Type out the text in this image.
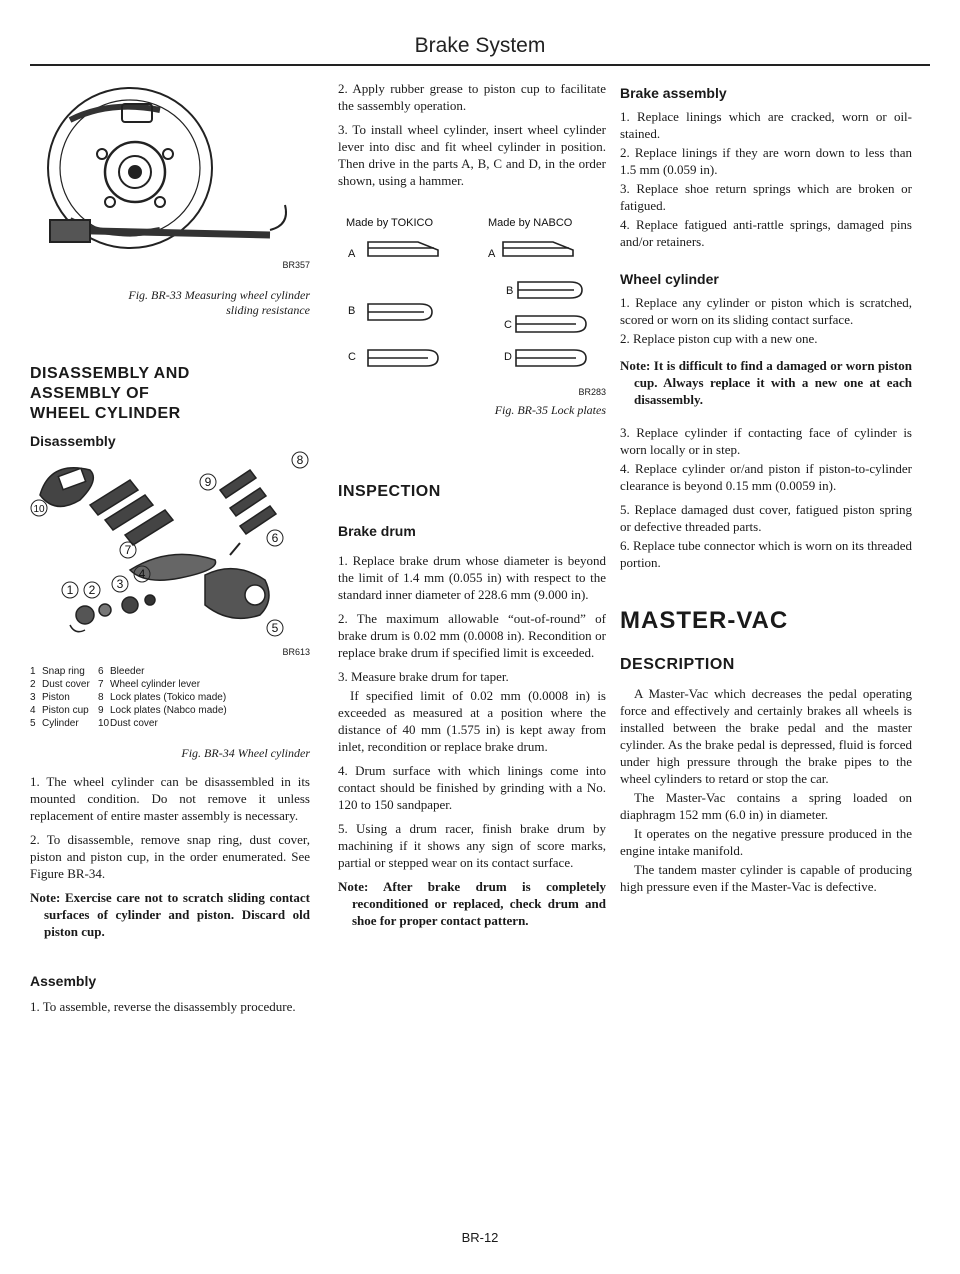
Brake System
BR357
Fig. BR-33 Measuring wheel cylinder
sliding resistance
DISASSEMBLY AND
ASSEMBLY OF
WHEEL CYLINDER
Disassembly
8
9
10
6
7
1 2 3
4
5
BR613
1 Snap ring	6 Bleeder
2 Dust cover 7 Wheel cylinder lever
3 Piston	8 Lock plates (Tokico made)
4 Piston cup 9 Lock plates (Nabco made)
5 Cylinder	10 Dust cover
Fig. BR-34 Wheel cylinder

1. The wheel cylinder can be disassembled in its mounted condition. Do not remove it unless replacement of entire master assembly is necessary.

2. To disassemble, remove snap ring, dust cover, piston and piston cup, in the order enumerated. See Figure BR-34.

Note: Exercise care not to scratch sliding contact surfaces of cylinder and piston. Discard old piston cup.

Assembly

1. To assemble, reverse the disassembly procedure.

2. Apply rubber grease to piston cup to facilitate the sassembly operation.

3. To install wheel cylinder, insert wheel cylinder lever into disc and fit wheel cylinder in position. Then drive in the parts A, B, C and D, in the order shown, using a hammer.

Made by TOKICO	Made by NABCO
A
B
C
A
B
C
D
BR283
Fig. BR-35 Lock plates
INSPECTION
Brake drum

1. Replace brake drum whose diameter is beyond the limit of 1.4 mm (0.055 in) with respect to the standard inner diameter of 228.6 mm (9.000 in).

2. The maximum allowable “out-of-round” of brake drum is 0.02 mm (0.0008 in). Recondition or replace brake drum if specified limit is exceeded.

3. Measure brake drum for taper.

If specified limit of 0.02 mm (0.0008 in) is exceeded as measured at a position where the distance of 40 mm (1.575 in) is kept away from inlet, recondition or replace brake drum.

4. Drum surface with which linings come into contact should be finished by grinding with a No. 120 to 150 sandpaper.

5. Using a drum racer, finish brake drum by machining if it shows any sign of score marks, partial or stepped wear on its contact surface.

Note: After brake drum is completely reconditioned or replaced, check drum and shoe for proper contact pattern.

Brake assembly

1. Replace linings which are cracked, worn or oil-stained.

2. Replace linings if they are worn down to less than 1.5 mm (0.059 in).

3. Replace shoe return springs which are broken or fatigued.

4. Replace fatigued anti-rattle springs, damaged pins and/or retainers.

Wheel cylinder

1. Replace any cylinder or piston which is scratched, scored or worn on its sliding contact surface.

2. Replace piston cup with a new one.

Note: It is difficult to find a damaged or worn piston cup. Always replace it with a new one at each disassembly.

3. Replace cylinder if contacting face of cylinder is worn locally or in step.

4. Replace cylinder or/and piston if piston-to-cylinder clearance is beyond 0.15 mm (0.0059 in).

5. Replace damaged dust cover, fatigued piston spring or defective threaded parts.

6. Replace tube connector which is worn on its threaded portion.

MASTER-VAC
DESCRIPTION

A Master-Vac which decreases the pedal operating force and effectively and certainly brakes all wheels is installed between the brake pedal and the master cylinder. As the brake pedal is depressed, fluid is forced under high pressure through the brake pipes to the wheel cylinders to retard or stop the car.

The Master-Vac contains a spring loaded on diaphragm 152 mm (6.0 in) in diameter.

It operates on the negative pressure produced in the engine intake manifold.

The tandem master cylinder is capable of producing high pressure even if the Master-Vac is defective.

BR-12
